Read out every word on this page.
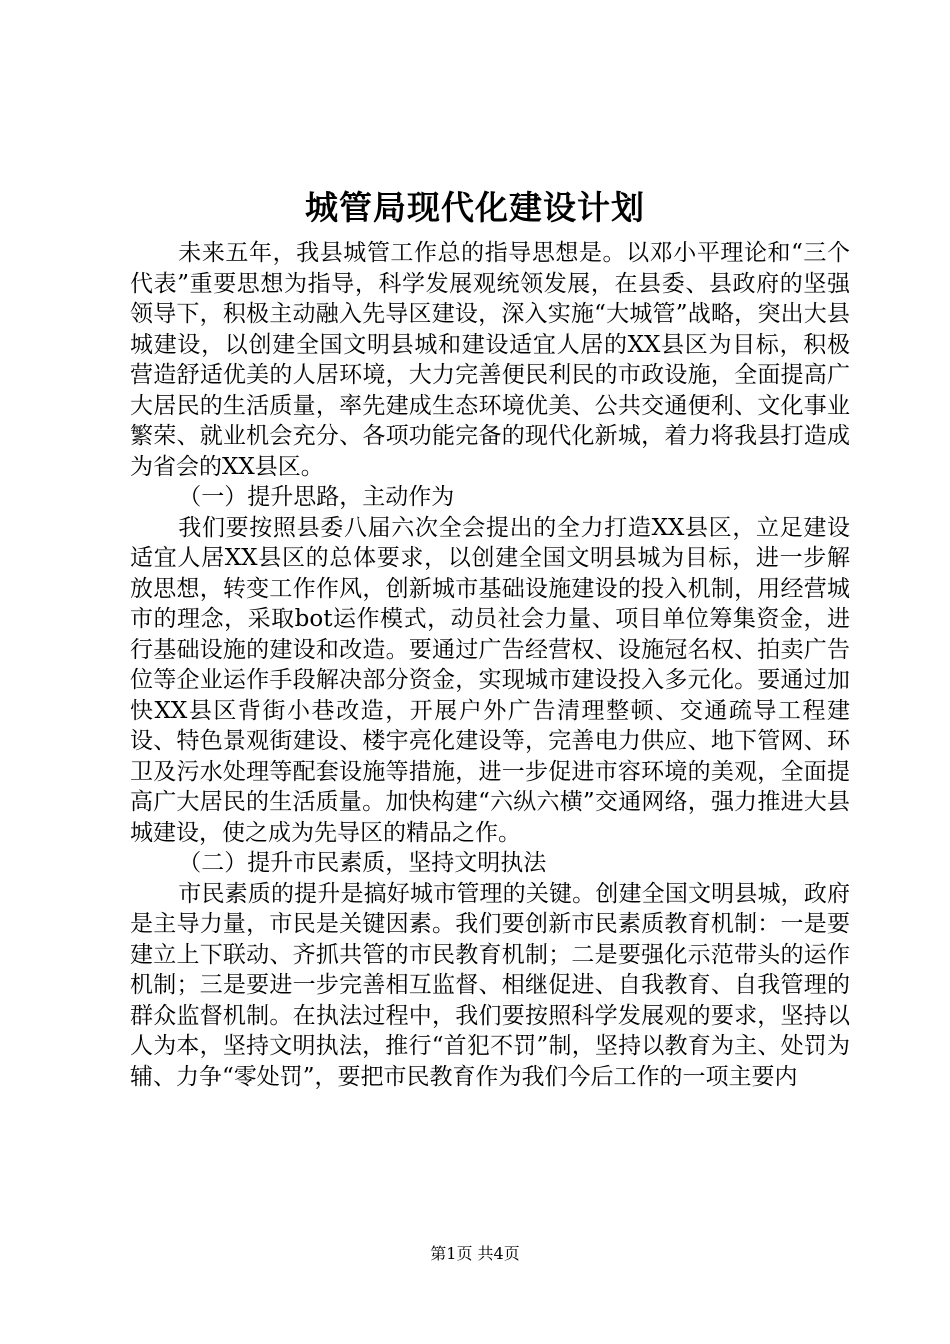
城管局现代化建设计划

未来五年，我县城管工作总的指导思想是。以邓小平理论和“三个代表”重要思想为指导，科学发展观统领发展，在县委、县政府的坚强领导下，积极主动融入先导区建设，深入实施“大城管”战略，突出大县城建设，以创建全国文明县城和建设适宜人居的XX县区为目标，积极营造舒适优美的人居环境，大力完善便民利民的市政设施，全面提高广大居民的生活质量，率先建成生态环境优美、公共交通便利、文化事业繁荣、就业机会充分、各项功能完备的现代化新城，着力将我县打造成为省会的XX县区。

（一）提升思路，主动作为

我们要按照县委八届六次全会提出的全力打造XX县区，立足建设适宜人居XX县区的总体要求，以创建全国文明县城为目标，进一步解放思想，转变工作作风，创新城市基础设施建设的投入机制，用经营城市的理念，采取bot运作模式，动员社会力量、项目单位筹集资金，进行基础设施的建设和改造。要通过广告经营权、设施冠名权、拍卖广告位等企业运作手段解决部分资金，实现城市建设投入多元化。要通过加快XX县区背街小巷改造，开展户外广告清理整顿、交通疏导工程建设、特色景观街建设、楼宇亮化建设等，完善电力供应、地下管网、环卫及污水处理等配套设施等措施，进一步促进市容环境的美观，全面提高广大居民的生活质量。加快构建“六纵六横”交通网络，强力推进大县城建设，使之成为先导区的精品之作。

（二）提升市民素质，坚持文明执法

市民素质的提升是搞好城市管理的关键。创建全国文明县城，政府是主导力量，市民是关键因素。我们要创新市民素质教育机制：一是要建立上下联动、齐抓共管的市民教育机制；二是要强化示范带头的运作机制；三是要进一步完善相互监督、相继促进、自我教育、自我管理的群众监督机制。在执法过程中，我们要按照科学发展观的要求，坚持以人为本，坚持文明执法，推行“首犯不罚”制，坚持以教育为主、处罚为辅、力争“零处罚”，要把市民教育作为我们今后工作的一项主要内

第1页 共4页
